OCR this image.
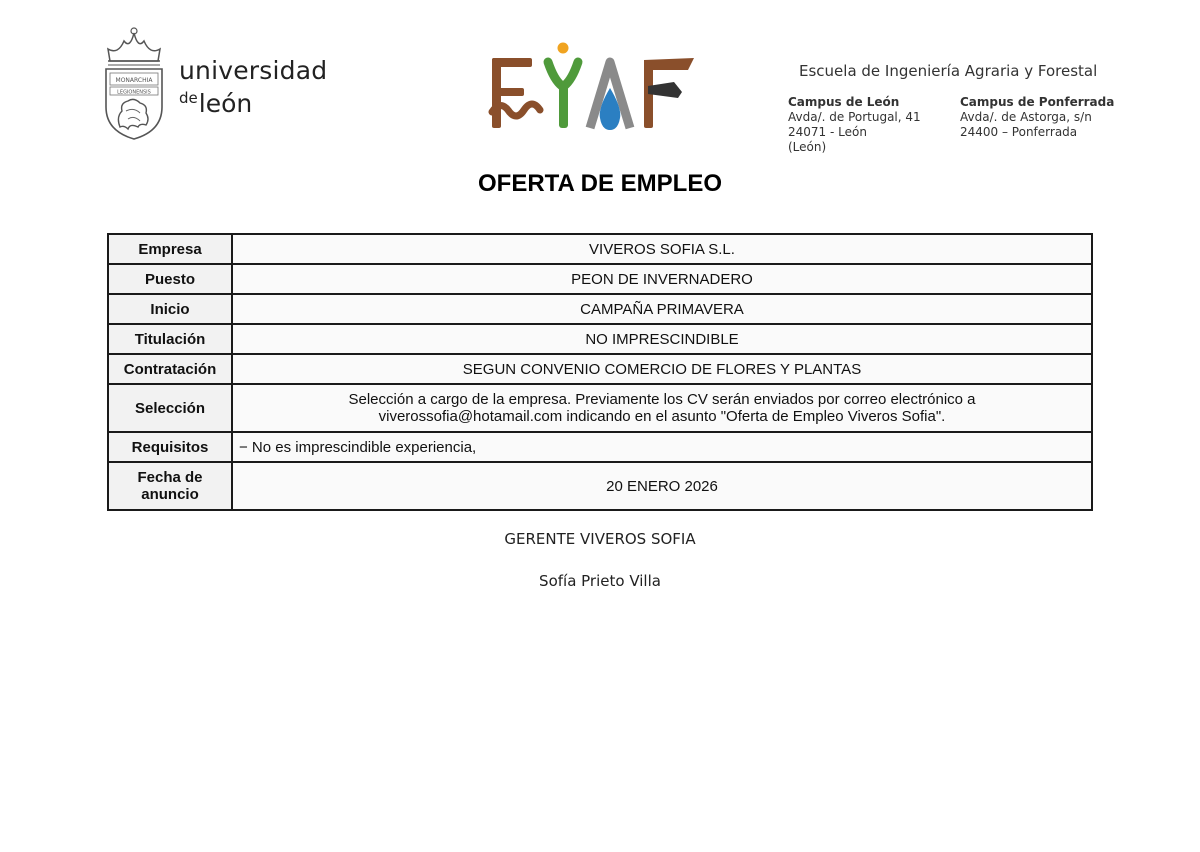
MONARCHIA
LEGIONENSIS
universidad
$^{de}$león
Escuela de Ingeniería Agraria y Forestal
Campus de León
Avda/. de Portugal, 41
24071 - León
(León)
Campus de Ponferrada
Avda/. de Astorga, s/n
24400 – Ponferrada
OFERTA DE EMPLEO
Empresa	VIVEROS SOFIA S.L.
Puesto	PEON DE INVERNADERO
Inicio	CAMPAÑA PRIMAVERA
Titulación	NO IMPRESCINDIBLE
Contratación	SEGUN CONVENIO COMERCIO DE FLORES Y PLANTAS
Selección	Selección a cargo de la empresa. Previamente los CV serán enviados por correo electrónico a
viverossofia@hotamail.com indicando en el asunto "Oferta de Empleo Viveros Sofia".

Requisitos	− No es imprescindible experiencia,

Fecha de
anuncio	20 ENERO 2026
GERENTE VIVEROS SOFIA
Sofía Prieto Villa
